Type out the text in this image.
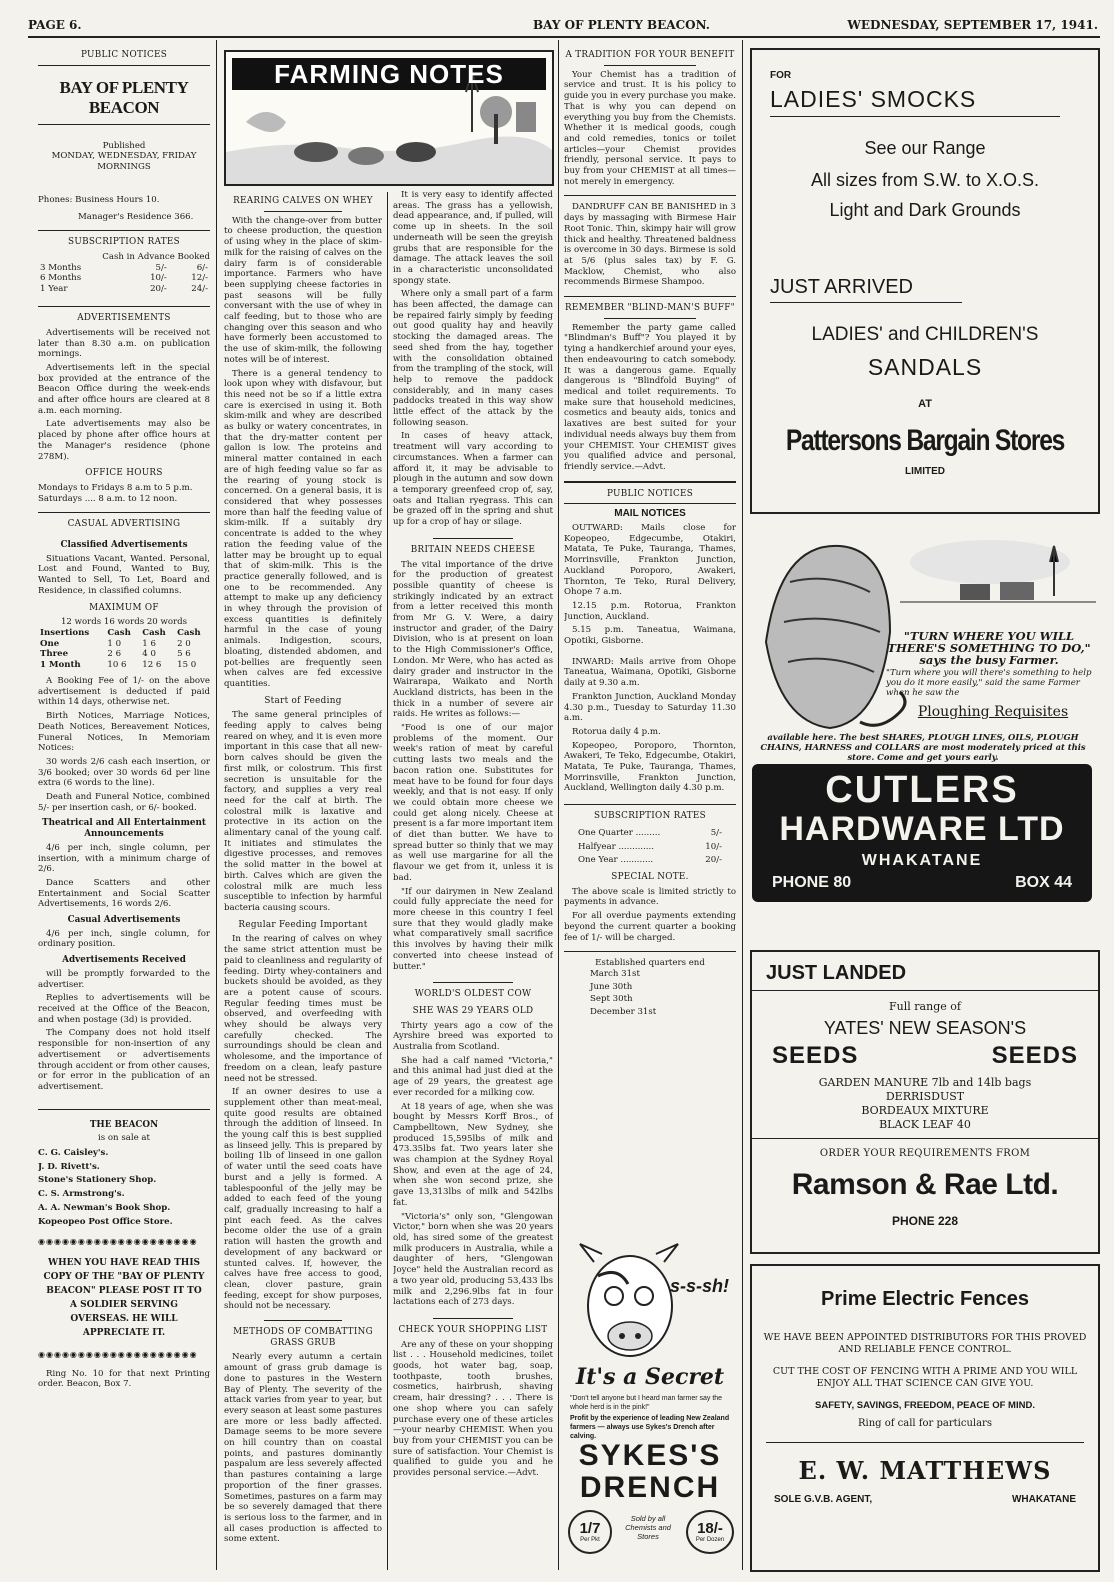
PAGE 6.	BAY OF PLENTY BEACON.	WEDNESDAY, SEPTEMBER 17, 1941.
PUBLIC NOTICES
BAY OF PLENTY BEACON
Published
MONDAY, WEDNESDAY, FRIDAY MORNINGS
Phones: Business Hours 10.
Manager's Residence 366.
SUBSCRIPTION RATES
Cash in Advance Booked
3 Months	5/-	6/-
6 Months	10/-	12/-
1 Year	20/-	24/-
ADVERTISEMENTS

Advertisements will be received not later than 8.30 a.m. on publication mornings.

Advertisements left in the special box provided at the entrance of the Beacon Office during the week-ends and after office hours are cleared at 8 a.m. each morning.

Late advertisements may also be placed by phone after office hours at the Manager's residence (phone 278M).

OFFICE HOURS
Mondays to Fridays 8 a.m to 5 p.m.
Saturdays .... 8 a.m. to 12 noon.
CASUAL ADVERTISING
Classified Advertisements

Situations Vacant, Wanted. Personal, Lost and Found, Wanted to Buy, Wanted to Sell, To Let, Board and Residence, in classified columns.

MAXIMUM OF
12 words 16 words 20 words
Insertions	Cash	Cash	Cash
One	1 0	1 6	2 0
Three	2 6	4 0	5 6
1 Month	10 6	12 6	15 0

A Booking Fee of 1/- on the above advertisement is deducted if paid within 14 days, otherwise net.

Birth Notices, Marriage Notices, Death Notices, Bereavement Notices, Funeral Notices, In Memoriam Notices:

30 words 2/6 cash each insertion, or 3/6 booked; over 30 words 6d per line extra (6 words to the line).

Death and Funeral Notice, combined 5/- per insertion cash, or 6/- booked.

Theatrical and All Entertainment Announcements

4/6 per inch, single column, per insertion, with a minimum charge of 2/6.

Dance Scatters and other Entertainment and Social Scatter Advertisements, 16 words 2/6.

Casual Advertisements

4/6 per inch, single column, for ordinary position.

Advertisements Received

will be promptly forwarded to the advertiser.

Replies to advertisements will be received at the Office of the Beacon, and when postage (3d) is provided.

The Company does not hold itself responsible for non-insertion of any advertisement or advertisements through accident or from other causes, or for error in the publication of an advertisement.

THE BEACON
is on sale at
C. G. Caisley's.
J. D. Rivett's.
Stone's Stationery Shop.
C. S. Armstrong's.
A. A. Newman's Book Shop.
Kopeopeo Post Office Store.
◉◉◉◉◉◉◉◉◉◉◉◉◉◉◉◉◉◉◉◉
WHEN YOU HAVE READ THIS COPY OF THE "BAY OF PLENTY BEACON" PLEASE POST IT TO A SOLDIER SERVING OVERSEAS. HE WILL APPRECIATE IT.
◉◉◉◉◉◉◉◉◉◉◉◉◉◉◉◉◉◉◉◉

Ring No. 10 for that next Printing order. Beacon, Box 7.

FARMING NOTES
REARING CALVES ON WHEY

With the change-over from butter to cheese production, the question of using whey in the place of skim-milk for the raising of calves on the dairy farm is of considerable importance. Farmers who have been supplying cheese factories in past seasons will be fully conversant with the use of whey in calf feeding, but to those who are changing over this season and who have formerly been accustomed to the use of skim-milk, the following notes will be of interest.

There is a general tendency to look upon whey with disfavour, but this need not be so if a little extra care is exercised in using it. Both skim-milk and whey are described as bulky or watery concentrates, in that the dry-matter content per gallon is low. The proteins and mineral matter contained in each are of high feeding value so far as the rearing of young stock is concerned. On a general basis, it is considered that whey possesses more than half the feeding value of skim-milk. If a suitably dry concentrate is added to the whey ration the feeding value of the latter may be brought up to equal that of skim-milk. This is the practice generally followed, and is one to be recommended. Any attempt to make up any deficiency in whey through the provision of excess quantities is definitely harmful in the case of young animals. Indigestion, scours, bloating, distended abdomen, and pot-bellies are frequently seen when calves are fed excessive quantities.

Start of Feeding

The same general principles of feeding apply to calves being reared on whey, and it is even more important in this case that all new-born calves should be given the first milk, or colostrum. This first secretion is unsuitable for the factory, and supplies a very real need for the calf at birth. The colostral milk is laxative and protective in its action on the alimentary canal of the young calf. It initiates and stimulates the digestive processes, and removes the solid matter in the bowel at birth. Calves which are given the colostral milk are much less susceptible to infection by harmful bacteria causing scours.

Regular Feeding Important

In the rearing of calves on whey the same strict attention must be paid to cleanliness and regularity of feeding. Dirty whey-containers and buckets should be avoided, as they are a potent cause of scours. Regular feeding times must be observed, and overfeeding with whey should be always very carefully checked. The surroundings should be clean and wholesome, and the importance of freedom on a clean, leafy pasture need not be stressed.

If an owner desires to use a supplement other than meat-meal, quite good results are obtained through the addition of linseed. In the young calf this is best supplied as linseed jelly. This is prepared by boiling 1lb of linseed in one gallon of water until the seed coats have burst and a jelly is formed. A tablespoonful of the jelly may be added to each feed of the young calf, gradually increasing to half a pint each feed. As the calves become older the use of a grain ration will hasten the growth and development of any backward or stunted calves. If, however, the calves have free access to good, clean, clover pasture, grain feeding, except for show purposes, should not be necessary.

METHODS OF COMBATTING GRASS GRUB

Nearly every autumn a certain amount of grass grub damage is done to pastures in the Western Bay of Plenty. The severity of the attack varies from year to year, but every season at least some pastures are more or less badly affected. Damage seems to be more severe on hill country than on coastal points, and pastures dominantly paspalum are less severely affected than pastures containing a large proportion of the finer grasses. Sometimes, pastures on a farm may be so severely damaged that there is serious loss to the farmer, and in all cases production is affected to some extent.

It is very easy to identify affected areas. The grass has a yellowish, dead appearance, and, if pulled, will come up in sheets. In the soil underneath will be seen the greyish grubs that are responsible for the damage. The attack leaves the soil in a characteristic unconsolidated spongy state.

Where only a small part of a farm has been affected, the damage can be repaired fairly simply by feeding out good quality hay and heavily stocking the damaged areas. The seed shed from the hay, together with the consolidation obtained from the trampling of the stock, will help to remove the paddock considerably, and in many cases paddocks treated in this way show little effect of the attack by the following season.

In cases of heavy attack, treatment will vary according to circumstances. When a farmer can afford it, it may be advisable to plough in the autumn and sow down a temporary greenfeed crop of, say, oats and Italian ryegrass. This can be grazed off in the spring and shut up for a crop of hay or silage.

BRITAIN NEEDS CHEESE

The vital importance of the drive for the production of greatest possible quantity of cheese is strikingly indicated by an extract from a letter received this month from Mr G. V. Were, a dairy instructor and grader, of the Dairy Division, who is at present on loan to the High Commissioner's Office, London. Mr Were, who has acted as dairy grader and instructor in the Wairarapa, Waikato and North Auckland districts, has been in the thick in a number of severe air raids. He writes as follows:—

"Food is one of our major problems of the moment. Our week's ration of meat by careful cutting lasts two meals and the bacon ration one. Substitutes for meat have to be found for four days weekly, and that is not easy. If only we could obtain more cheese we could get along nicely. Cheese at present is a far more important item of diet than butter. We have to spread butter so thinly that we may as well use margarine for all the flavour we get from it, unless it is bad.

"If our dairymen in New Zealand could fully appreciate the need for more cheese in this country I feel sure that they would gladly make what comparatively small sacrifice this involves by having their milk converted into cheese instead of butter."

WORLD'S OLDEST COW
SHE WAS 29 YEARS OLD

Thirty years ago a cow of the Ayrshire breed was exported to Australia from Scotland.

She had a calf named "Victoria," and this animal had just died at the age of 29 years, the greatest age ever recorded for a milking cow.

At 18 years of age, when she was bought by Messrs Korff Bros., of Campbelltown, New Sydney, she produced 15,595lbs of milk and 473.35lbs fat. Two years later she was champion at the Sydney Royal Show, and even at the age of 24, when she won second prize, she gave 13,313lbs of milk and 542lbs fat.

"Victoria's" only son, "Glengowan Victor," born when she was 20 years old, has sired some of the greatest milk producers in Australia, while a daughter of hers, "Glengowan Joyce" held the Australian record as a two year old, producing 53,433 lbs milk and 2,296.9lbs fat in four lactations each of 273 days.

CHECK YOUR SHOPPING LIST

Are any of these on your shopping list . . . Household medicines, toilet goods, hot water bag, soap, toothpaste, tooth brushes, cosmetics, hairbrush, shaving cream, hair dressing? . . . There is one shop where you can safely purchase every one of these articles—your nearby CHEMIST. When you buy from your CHEMIST you can be sure of satisfaction. Your Chemist is qualified to guide you and he provides personal service.—Advt.

A TRADITION FOR YOUR BENEFIT

Your Chemist has a tradition of service and trust. It is his policy to guide you in every purchase you make. That is why you can depend on everything you buy from the Chemists. Whether it is medical goods, cough and cold remedies, tonics or toilet articles—your Chemist provides friendly, personal service. It pays to buy from your CHEMIST at all times—not merely in emergency.

DANDRUFF CAN BE BANISHED in 3 days by massaging with Birmese Hair Root Tonic. Thin, skimpy hair will grow thick and healthy. Threatened baldness is overcome in 30 days. Birmese is sold at 5/6 (plus sales tax) by F. G. Macklow, Chemist, who also recommends Birmese Shampoo.

REMEMBER "BLIND-MAN'S BUFF"

Remember the party game called "Blindman's Buff"? You played it by tying a handkerchief around your eyes, then endeavouring to catch somebody. It was a dangerous game. Equally dangerous is "Blindfold Buying" of medical and toilet requirements. To make sure that household medicines, cosmetics and beauty aids, tonics and laxatives are best suited for your individual needs always buy them from your CHEMIST. Your CHEMIST gives you qualified advice and personal, friendly service.—Advt.

PUBLIC NOTICES
MAIL NOTICES

OUTWARD: Mails close for Kopeopeo, Edgecumbe, Otakiri, Matata, Te Puke, Tauranga, Thames, Morrinsville, Frankton Junction, Auckland Poroporo, Awakeri, Thornton, Te Teko, Rural Delivery, Ohope 7 a.m.

12.15 p.m. Rotorua, Frankton Junction, Auckland.

5.15 p.m. Taneatua, Waimana, Opotiki, Gisborne.

INWARD: Mails arrive from Ohope Taneatua, Waimana, Opotiki, Gisborne daily at 9.30 a.m.

Frankton Junction, Auckland Monday 4.30 p.m., Tuesday to Saturday 11.30 a.m.

Rotorua daily 4 p.m.

Kopeopeo, Poroporo, Thornton, Awakeri, Te Teko, Edgecumbe, Otakiri, Matata, Te Puke, Tauranga, Thames, Morrinsville, Frankton Junction, Auckland, Wellington daily 4.30 p.m.

SUBSCRIPTION RATES
One Quarter .........	5/-
Halfyear .............	10/-
One Year ............	20/-
SPECIAL NOTE.

The above scale is limited strictly to payments in advance.

For all overdue payments extending beyond the current quarter a booking fee of 1/- will be charged.

Established quarters end
March 31st
June 30th
Sept 30th
December 31st
s-s-sh!
It's a Secret
"Don't tell anyone but I heard man farmer say the whole herd is in the pink!"
Profit by the experience of leading New Zealand farmers — always use Sykes's Drench after calving.
SYKES'S
DRENCH
1/7
Per Pkt
Sold by all Chemists and Stores	18/-
Per Dozen
FOR
LADIES' SMOCKS
See our Range
All sizes from S.W. to X.O.S.
Light and Dark Grounds
JUST ARRIVED
LADIES' and CHILDREN'S
SANDALS
AT
Pattersons Bargain Stores
LIMITED
"TURN WHERE YOU WILL THERE'S SOMETHING TO DO," says the busy Farmer.
"Turn where you will there's something to help you do it more easily," said the same Farmer when he saw the
Ploughing Requisites
available here. The best SHARES, PLOUGH LINES, OILS, PLOUGH CHAINS, HARNESS and COLLARS are most moderately priced at this store. Come and get yours early.
CUTLERS
HARDWARE LTD
WHAKATANE
PHONE 80	BOX 44
JUST LANDED
Full range of
YATES' NEW SEASON'S
SEEDS	SEEDS
GARDEN MANURE 7lb and 14lb bags
DERRISDUST
BORDEAUX MIXTURE
BLACK LEAF 40
ORDER YOUR REQUIREMENTS FROM
Ramson & Rae Ltd.
PHONE 228
Prime Electric Fences
WE HAVE BEEN APPOINTED DISTRIBUTORS FOR THIS PROVED AND RELIABLE FENCE CONTROL.
CUT THE COST OF FENCING WITH A PRIME AND YOU WILL ENJOY ALL THAT SCIENCE CAN GIVE YOU.
SAFETY, SAVINGS, FREEDOM, PEACE OF MIND.
Ring of call for particulars
E. W. MATTHEWS
SOLE G.V.B. AGENT,	WHAKATANE
